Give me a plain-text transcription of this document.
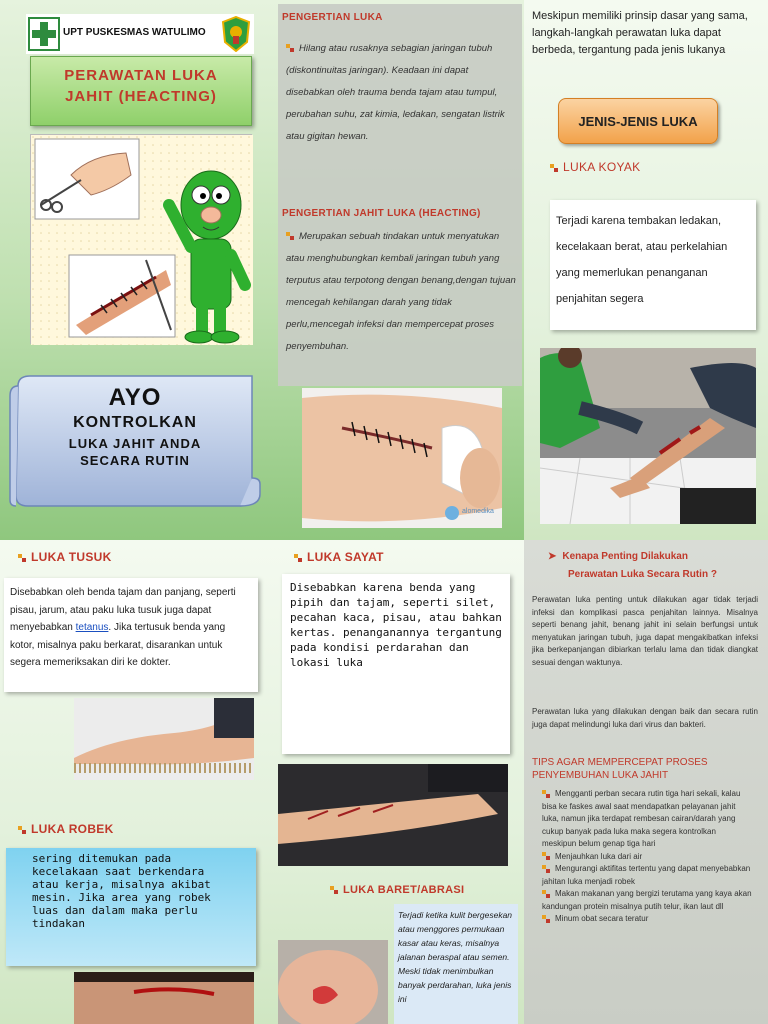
UPT PUSKESMAS WATULIMO
PERAWATAN LUKA
JAHIT (HEACTING)
AYO
KONTROLKAN
LUKA JAHIT ANDA
SECARA RUTIN
PENGERTIAN LUKA
Hilang atau rusaknya sebagian jaringan tubuh (diskontinuitas jaringan). Keadaan ini dapat disebabkan oleh trauma benda tajam atau tumpul, perubahan suhu, zat kimia, ledakan, sengatan listrik atau gigitan hewan.
PENGERTIAN JAHIT LUKA (HEACTING)
Merupakan sebuah tindakan untuk menyatukan atau menghubungkan kembali jaringan tubuh yang terputus atau terpotong dengan benang,dengan tujuan mencegah kehilangan darah yang tidak perlu,mencegah infeksi dan mempercepat proses penyembuhan.
alomedika
Meskipun memiliki prinsip dasar yang sama, langkah-langkah perawatan luka dapat berbeda, tergantung pada jenis lukanya
JENIS-JENIS LUKA
LUKA KOYAK
Terjadi karena tembakan ledakan, kecelakaan berat, atau perkelahian yang memerlukan penanganan penjahitan segera
LUKA TUSUK
Disebabkan oleh benda tajam dan panjang, seperti pisau, jarum, atau paku luka tusuk juga dapat menyebabkan tetanus. Jika tertusuk benda yang kotor, misalnya paku berkarat, disarankan untuk segera memeriksakan diri ke dokter.
LUKA ROBEK
sering ditemukan pada kecelakaan saat berkendara atau kerja, misalnya akibat mesin. Jika area yang robek luas dan dalam maka perlu tindakan
LUKA SAYAT
Disebabkan karena benda yang pipih dan tajam, seperti silet, pecahan kaca, pisau, atau bahkan kertas. penanganannya tergantung pada kondisi perdarahan dan lokasi luka
LUKA BARET/ABRASI
Terjadi ketika kulit bergesekan atau menggores permukaan kasar atau keras, misalnya jalanan beraspal atau semen. Meski tidak menimbulkan banyak perdarahan, luka jenis ini
➤ Kenapa Penting Dilakukan
Perawatan Luka Secara Rutin ?
Perawatan luka penting untuk dilakukan agar tidak terjadi infeksi dan komplikasi pasca penjahitan lainnya. Misalnya seperti benang jahit, benang jahit ini selain berfungsi untuk menyatukan jaringan tubuh, juga dapat mengakibatkan infeksi jika berkepanjangan dibiarkan terlalu lama dan tidak diangkat sesuai dengan waktunya.
Perawatan luka yang dilakukan dengan baik dan secara rutin juga dapat melindungi luka dari virus dan bakteri.
TIPS AGAR MEMPERCEPAT PROSES
PENYEMBUHAN LUKA JAHIT
Mengganti perban secara rutin tiga hari sekali, kalau bisa ke faskes awal saat mendapatkan pelayanan jahit luka, namun jika terdapat rembesan cairan/darah yang cukup banyak pada luka maka segera kontrolkan meskipun belum genap tiga hari
Menjauhkan luka dari air
Mengurangi aktifitas tertentu yang dapat menyebabkan jahitan luka menjadi robek
Makan makanan yang bergizi terutama yang kaya akan kandungan protein misalnya putih telur, ikan laut dll
Minum obat secara teratur
